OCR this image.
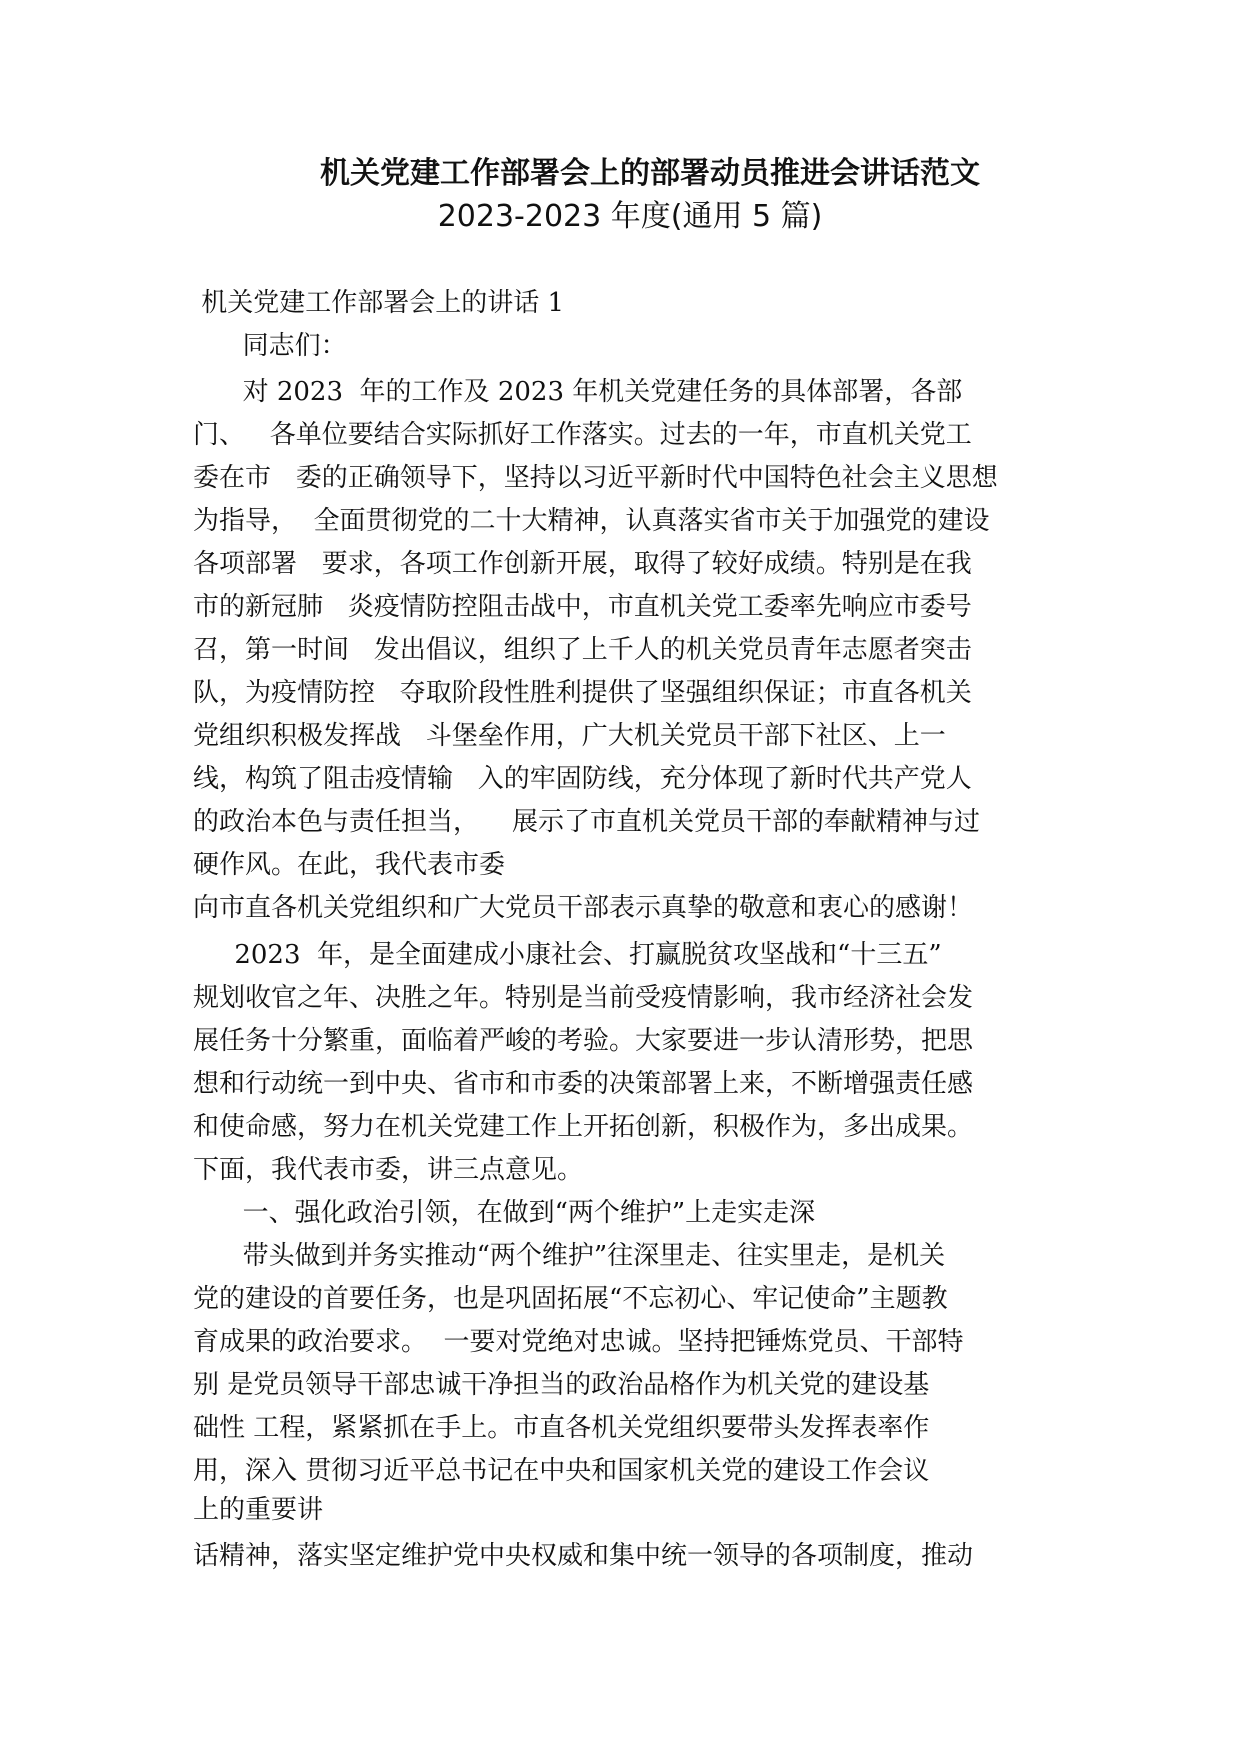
机关党建工作部署会上的部署动员推进会讲话范文
2023-2023 年度(通用 5 篇)
机关党建工作部署会上的讲话 1
同志们：
对 2023  年的工作及 2023 年机关党建任务的具体部署，各部
门、   各单位要结合实际抓好工作落实。过去的一年，市直机关党工
委在市   委的正确领导下，坚持以习近平新时代中国特色社会主义思想
为指导，  全面贯彻党的二十大精神，认真落实省市关于加强党的建设
各项部署   要求，各项工作创新开展，取得了较好成绩。特别是在我
市的新冠肺   炎疫情防控阻击战中，市直机关党工委率先响应市委号
召，第一时间   发出倡议，组织了上千人的机关党员青年志愿者突击
队，为疫情防控   夺取阶段性胜利提供了坚强组织保证；市直各机关
党组织积极发挥战   斗堡垒作用，广大机关党员干部下社区、上一
线，构筑了阻击疫情输   入的牢固防线，充分体现了新时代共产党人
的政治本色与责任担当，    展示了市直机关党员干部的奉献精神与过
硬作风。在此，我代表市委
向市直各机关党组织和广大党员干部表示真挚的敬意和衷心的感谢！
2023  年，是全面建成小康社会、打赢脱贫攻坚战和“十三五”
规划收官之年、决胜之年。特别是当前受疫情影响，我市经济社会发
展任务十分繁重，面临着严峻的考验。大家要进一步认清形势，把思
想和行动统一到中央、省市和市委的决策部署上来，不断增强责任感
和使命感，努力在机关党建工作上开拓创新，积极作为，多出成果。
下面，我代表市委，讲三点意见。
一、强化政治引领，在做到“两个维护”上走实走深
带头做到并务实推动“两个维护”往深里走、往实里走，是机关
党的建设的首要任务，也是巩固拓展“不忘初心、牢记使命”主题教
育成果的政治要求。  一要对党绝对忠诚。坚持把锤炼党员、干部特
别 是党员领导干部忠诚干净担当的政治品格作为机关党的建设基
础性 工程，紧紧抓在手上。市直各机关党组织要带头发挥表率作
用，深入 贯彻习近平总书记在中央和国家机关党的建设工作会议
上的重要讲
话精神，落实坚定维护党中央权威和集中统一领导的各项制度，推动
